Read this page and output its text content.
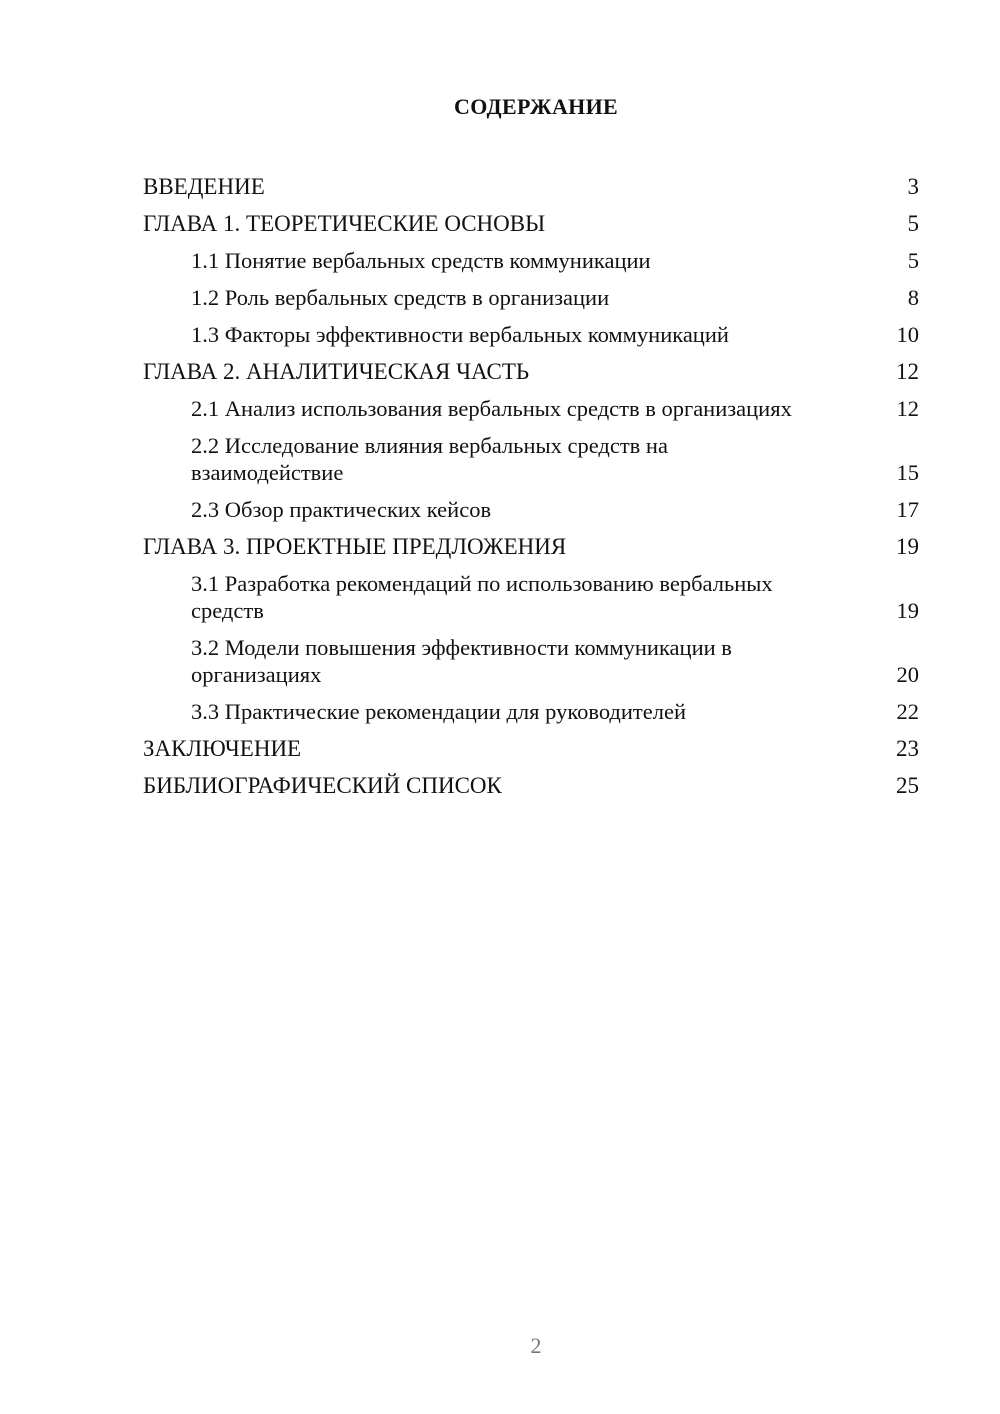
СОДЕРЖАНИЕ
ВВЕДЕНИЕ	3
ГЛАВА 1. ТЕОРЕТИЧЕСКИЕ ОСНОВЫ	5
1.1 Понятие вербальных средств коммуникации	5
1.2 Роль вербальных средств в организации	8
1.3 Факторы эффективности вербальных коммуникаций	10
ГЛАВА 2. АНАЛИТИЧЕСКАЯ ЧАСТЬ	12
2.1 Анализ использования вербальных средств в организациях	12
2.2 Исследование влияния вербальных средств на взаимодействие	15
2.3 Обзор практических кейсов	17
ГЛАВА 3. ПРОЕКТНЫЕ ПРЕДЛОЖЕНИЯ	19
3.1 Разработка рекомендаций по использованию вербальных средств	19
3.2 Модели повышения эффективности коммуникации в организациях	20
3.3 Практические рекомендации для руководителей	22
ЗАКЛЮЧЕНИЕ	23
БИБЛИОГРАФИЧЕСКИЙ СПИСОК	25
2
